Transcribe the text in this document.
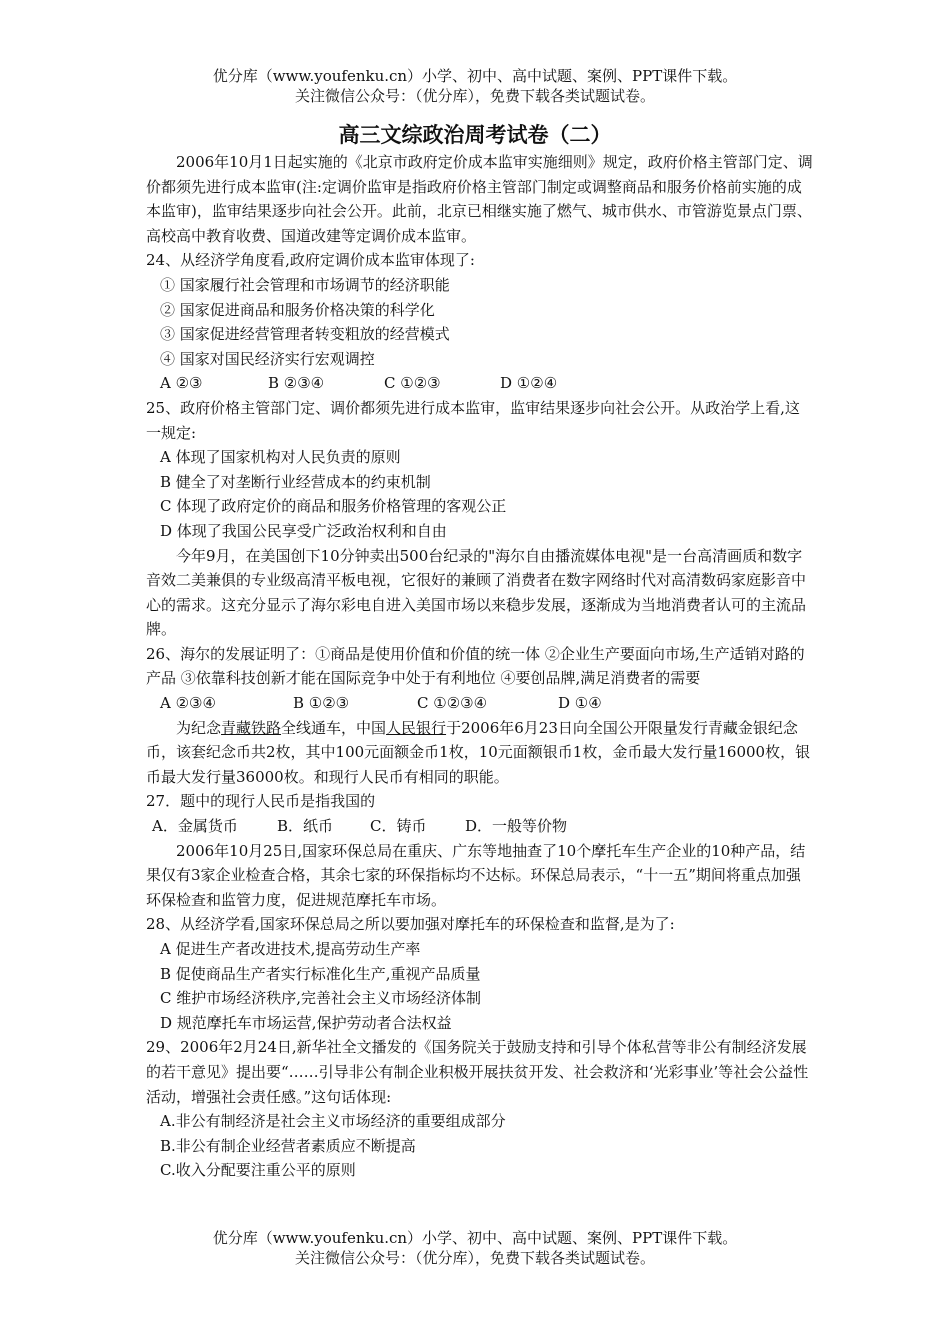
优分库（www.youfenku.cn）小学、初中、高中试题、案例、PPT课件下载。
关注微信公众号：（优分库），免费下载各类试题试卷。
高三文综政治周考试卷（二）

2006年10月1日起实施的《北京市政府定价成本监审实施细则》规定，政府价格主管部门定、调价都须先进行成本监审(注:定调价监审是指政府价格主管部门制定或调整商品和服务价格前实施的成本监审)，监审结果逐步向社会公开。此前，北京已相继实施了燃气、城市供水、市管游览景点门票、高校高中教育收费、国道改建等定调价成本监审。

24、从经济学角度看,政府定调价成本监审体现了:

① 国家履行社会管理和市场调节的经济职能

② 国家促进商品和服务价格决策的科学化

③ 国家促进经营管理者转变粗放的经营模式

④ 国家对国民经济实行宏观调控

A ②③	B ②③④	C ①②③	D ①②④

25、政府价格主管部门定、调价都须先进行成本监审，监审结果逐步向社会公开。从政治学上看,这一规定:

A 体现了国家机构对人民负责的原则

B 健全了对垄断行业经营成本的约束机制

C 体现了政府定价的商品和服务价格管理的客观公正

D 体现了我国公民享受广泛政治权利和自由

今年9月，在美国创下10分钟卖出500台纪录的"海尔自由播流媒体电视"是一台高清画质和数字音效二美兼俱的专业级高清平板电视，它很好的兼顾了消费者在数字网络时代对高清数码家庭影音中心的需求。这充分显示了海尔彩电自进入美国市场以来稳步发展，逐渐成为当地消费者认可的主流品牌。

26、海尔的发展证明了：①商品是使用价值和价值的统一体 ②企业生产要面向市场,生产适销对路的产品 ③依靠科技创新才能在国际竞争中处于有利地位 ④要创品牌,满足消费者的需要

A ②③④	B ①②③	C ①②③④	D ①④

为纪念青藏铁路全线通车，中国人民银行于2006年6月23日向全国公开限量发行青藏金银纪念币，该套纪念币共2枚，其中100元面额金币1枚，10元面额银币1枚，金币最大发行量16000枚，银币最大发行量36000枚。和现行人民币有相同的职能。

27．题中的现行人民币是指我国的

A．金属货币	B．纸币 C．铸币	D．一般等价物

2006年10月25日,国家环保总局在重庆、广东等地抽查了10个摩托车生产企业的10种产品，结果仅有3家企业检查合格，其余七家的环保指标均不达标。环保总局表示，“十一五”期间将重点加强环保检查和监管力度，促进规范摩托车市场。

28、从经济学看,国家环保总局之所以要加强对摩托车的环保检查和监督,是为了:

A 促进生产者改进技术,提高劳动生产率

B 促使商品生产者实行标准化生产,重视产品质量

C 维护市场经济秩序,完善社会主义市场经济体制

D 规范摩托车市场运营,保护劳动者合法权益

29、2006年2月24日,新华社全文播发的《国务院关于鼓励支持和引导个体私营等非公有制经济发展的若干意见》提出要“……引导非公有制企业积极开展扶贫开发、社会救济和‘光彩事业’等社会公益性活动，增强社会责任感。”这句话体现:

A.非公有制经济是社会主义市场经济的重要组成部分

B.非公有制企业经营者素质应不断提高

C.收入分配要注重公平的原则

优分库（www.youfenku.cn）小学、初中、高中试题、案例、PPT课件下载。
关注微信公众号：（优分库），免费下载各类试题试卷。
